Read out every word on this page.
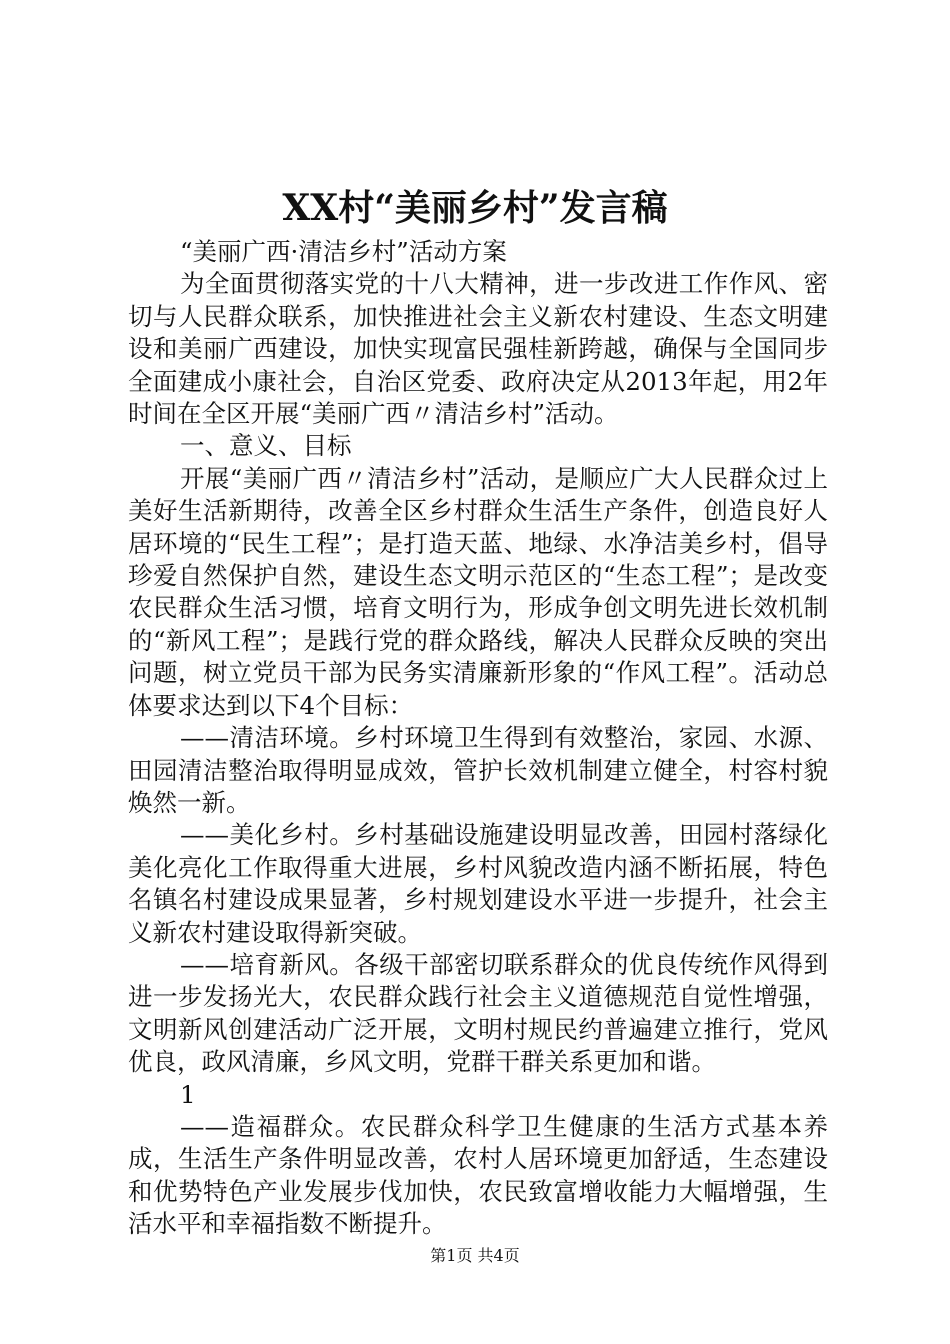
XX村“美丽乡村”发言稿

“美丽广西·清洁乡村”活动方案

为全面贯彻落实党的十八大精神，进一步改进工作作风、密切与人民群众联系，加快推进社会主义新农村建设、生态文明建设和美丽广西建设，加快实现富民强桂新跨越，确保与全国同步全面建成小康社会，自治区党委、政府决定从2013年起，用2年时间在全区开展“美丽广西〃清洁乡村”活动。

一、意义、目标

开展“美丽广西〃清洁乡村”活动，是顺应广大人民群众过上美好生活新期待，改善全区乡村群众生活生产条件，创造良好人居环境的“民生工程”；是打造天蓝、地绿、水净洁美乡村，倡导珍爱自然保护自然，建设生态文明示范区的“生态工程”；是改变农民群众生活习惯，培育文明行为，形成争创文明先进长效机制的“新风工程”；是践行党的群众路线，解决人民群众反映的突出问题，树立党员干部为民务实清廉新形象的“作风工程”。活动总体要求达到以下4个目标：

——清洁环境。乡村环境卫生得到有效整治，家园、水源、田园清洁整治取得明显成效，管护长效机制建立健全，村容村貌焕然一新。

——美化乡村。乡村基础设施建设明显改善，田园村落绿化美化亮化工作取得重大进展，乡村风貌改造内涵不断拓展，特色名镇名村建设成果显著，乡村规划建设水平进一步提升，社会主义新农村建设取得新突破。

——培育新风。各级干部密切联系群众的优良传统作风得到进一步发扬光大，农民群众践行社会主义道德规范自觉性增强，文明新风创建活动广泛开展，文明村规民约普遍建立推行，党风优良，政风清廉，乡风文明，党群干群关系更加和谐。

1

——造福群众。农民群众科学卫生健康的生活方式基本养成，生活生产条件明显改善，农村人居环境更加舒适，生态建设和优势特色产业发展步伐加快，农民致富增收能力大幅增强，生活水平和幸福指数不断提升。

第1页 共4页
